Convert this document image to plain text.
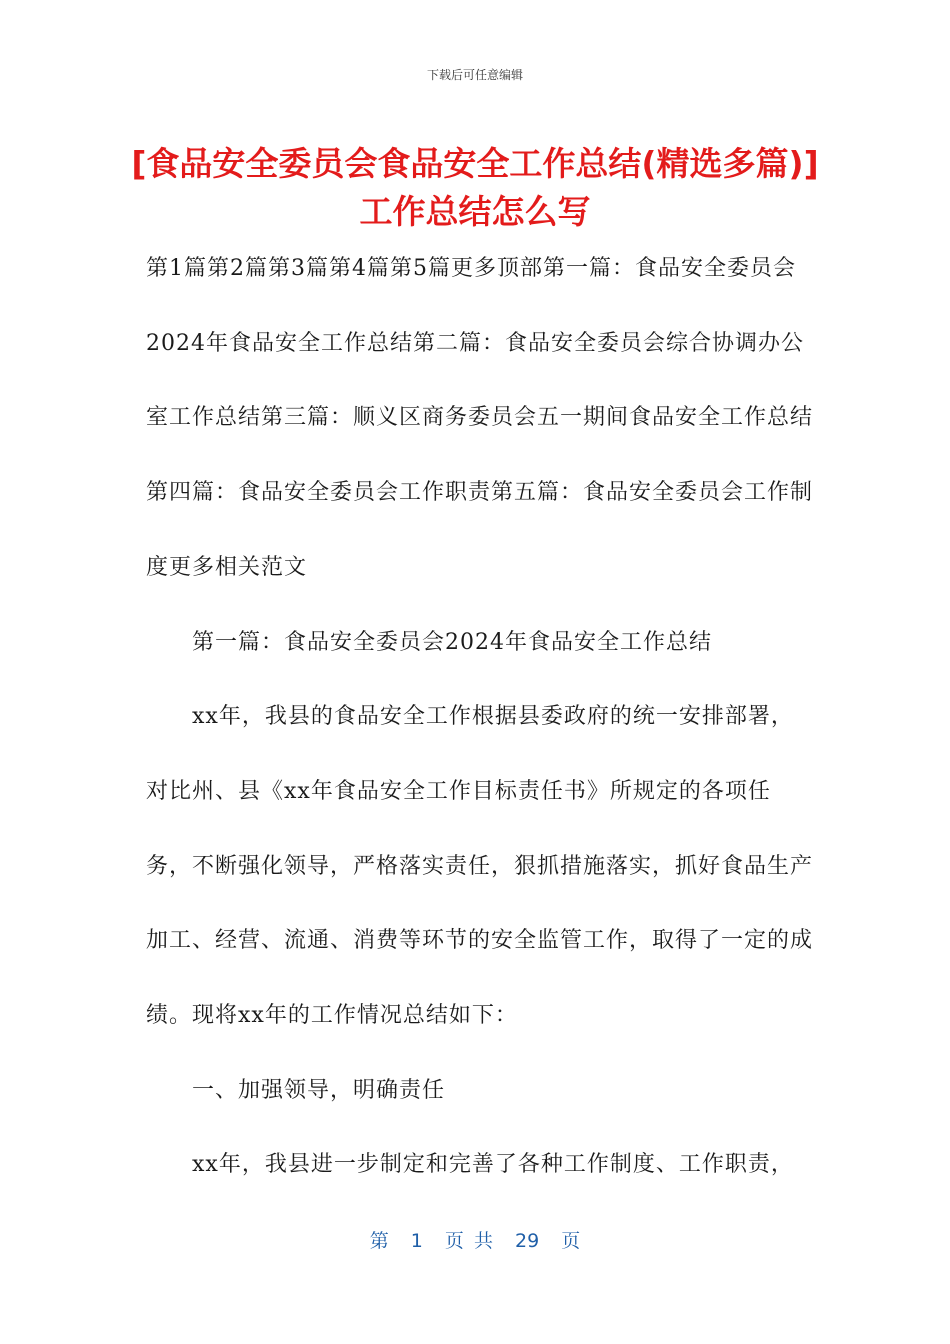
下载后可任意编辑
[食品安全委员会食品安全工作总结(精选多篇)]工作总结怎么写

第1篇第2篇第3篇第4篇第5篇更多顶部第一篇：食品安全委员会2024年食品安全工作总结第二篇：食品安全委员会综合协调办公室工作总结第三篇：顺义区商务委员会五一期间食品安全工作总结第四篇：食品安全委员会工作职责第五篇：食品安全委员会工作制度更多相关范文

第一篇：食品安全委员会2024年食品安全工作总结

xx年，我县的食品安全工作根据县委政府的统一安排部署，对比州、县《xx年食品安全工作目标责任书》所规定的各项任务，不断强化领导，严格落实责任，狠抓措施落实，抓好食品生产加工、经营、流通、消费等环节的安全监管工作，取得了一定的成绩。现将xx年的工作情况总结如下：

一、加强领导，明确责任

xx年，我县进一步制定和完善了各种工作制度、工作职责，

第 1 页 共 29 页
